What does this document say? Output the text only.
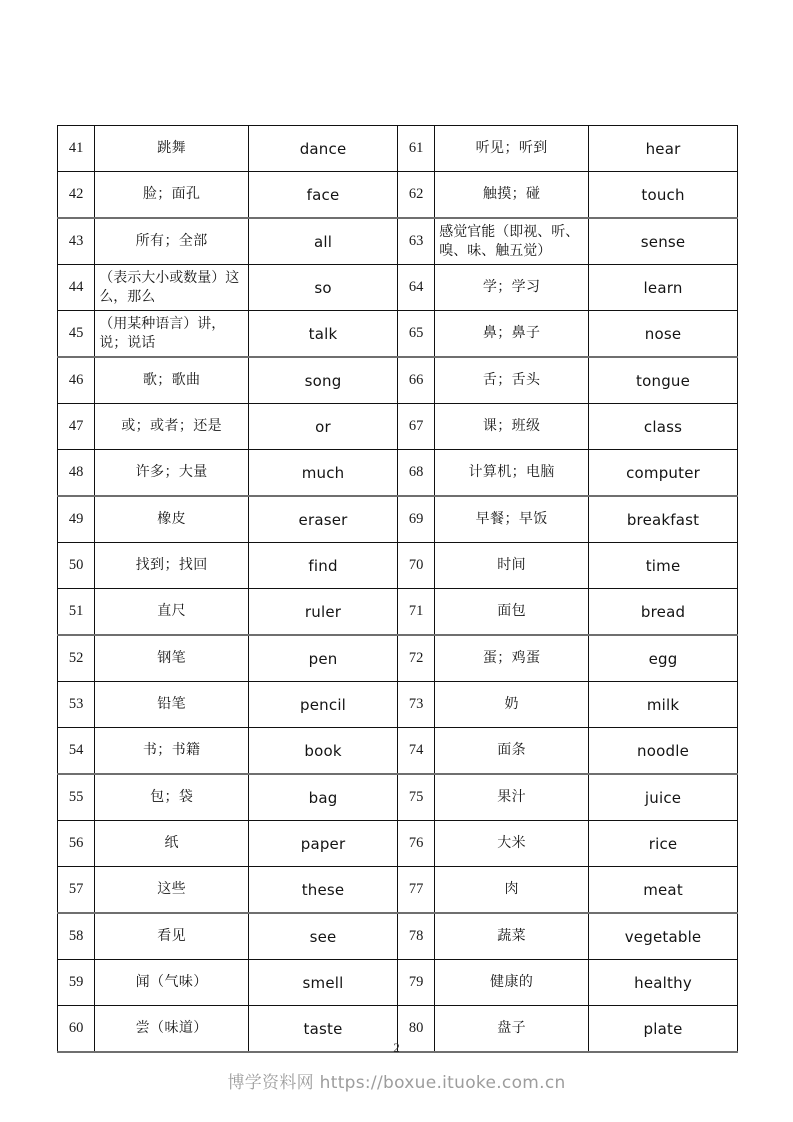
41	跳舞	dance	61	听见；听到	hear
42	脸；面孔	face	62	触摸；碰	touch
43	所有；全部	all	63	感觉官能（即视、听、嗅、味、触五觉）	sense
44	（表示大小或数量）这么，那么	so	64	学；学习	learn
45	（用某种语言）讲，说；说话	talk	65	鼻；鼻子	nose
46	歌；歌曲	song	66	舌；舌头	tongue
47	或；或者；还是	or	67	课；班级	class
48	许多；大量	much	68	计算机；电脑	computer
49	橡皮	eraser	69	早餐；早饭	breakfast
50	找到；找回	find	70	时间	time
51	直尺	ruler	71	面包	bread
52	钢笔	pen	72	蛋；鸡蛋	egg
53	铅笔	pencil	73	奶	milk
54	书；书籍	book	74	面条	noodle
55	包；袋	bag	75	果汁	juice
56	纸	paper	76	大米	rice
57	这些	these	77	肉	meat
58	看见	see	78	蔬菜	vegetable
59	闻（气味）	smell	79	健康的	healthy
60	尝（味道）	taste	80	盘子	plate
2
博学资料网 https://boxue.ituoke.com.cn
